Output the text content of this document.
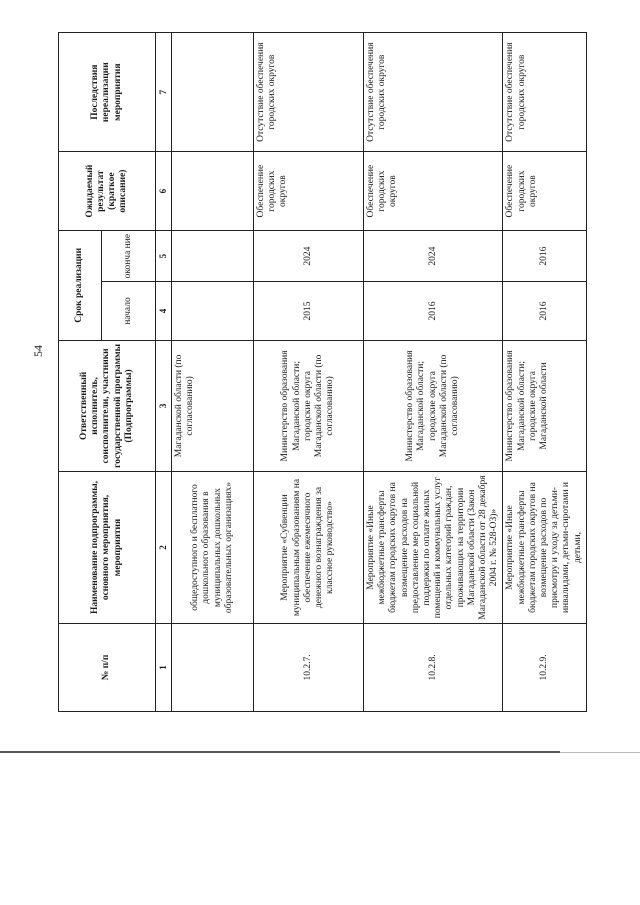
54
№ п/п	Наименование подпрограммы, основного мероприятия, мероприятия	Ответственный исполнитель, соисполнители, участники государственной программы (Подпрограммы)	Срок реализации		Ожидаемый результат (краткое описание)	Последствия нереализации мероприятия
			начало	оконча ние		
1	2	3	4	5	6	7
	общедоступного и бесплатного дошкольного образования в муниципальных дошкольных образовательных организациях»	Магаданской области (по согласованию)				
10.2.7.	Мероприятие «Субвенции муниципальным образованиям на обеспечение ежемесячного денежного вознаграждения за классное руководство»	Министерство образования Магаданской области; городские округа Магаданской области (по согласованию)	2015	2024	Обеспечение городских округов	Отсутствие обеспечения городских округов
10.2.8.	Мероприятие «Иные межбюджетные трансферты бюджетам городских округов на возмещение расходов на предоставление мер социальной поддержки по оплате жилых помещений и коммунальных услуг отдельных категорий граждан, проживающих на территории Магаданской области (Закон Магаданской области от 28 декабря 2004 г. № 528-ОЗ)»	Министерство образования Магаданской области; городские округа Магаданской области (по согласованию)	2016	2024	Обеспечение городских округов	Отсутствие обеспечения городских округов
10.2.9.	Мероприятие «Иные межбюджетные трансферты бюджетам городских округов на возмещение расходов по присмотру и уходу за детьми-инвалидами, детьми-сиротами и детьми,	Министерство образования Магаданской области; городские округа Магаданской области	2016	2016	Обеспечение городских округов	Отсутствие обеспечения городских округов
